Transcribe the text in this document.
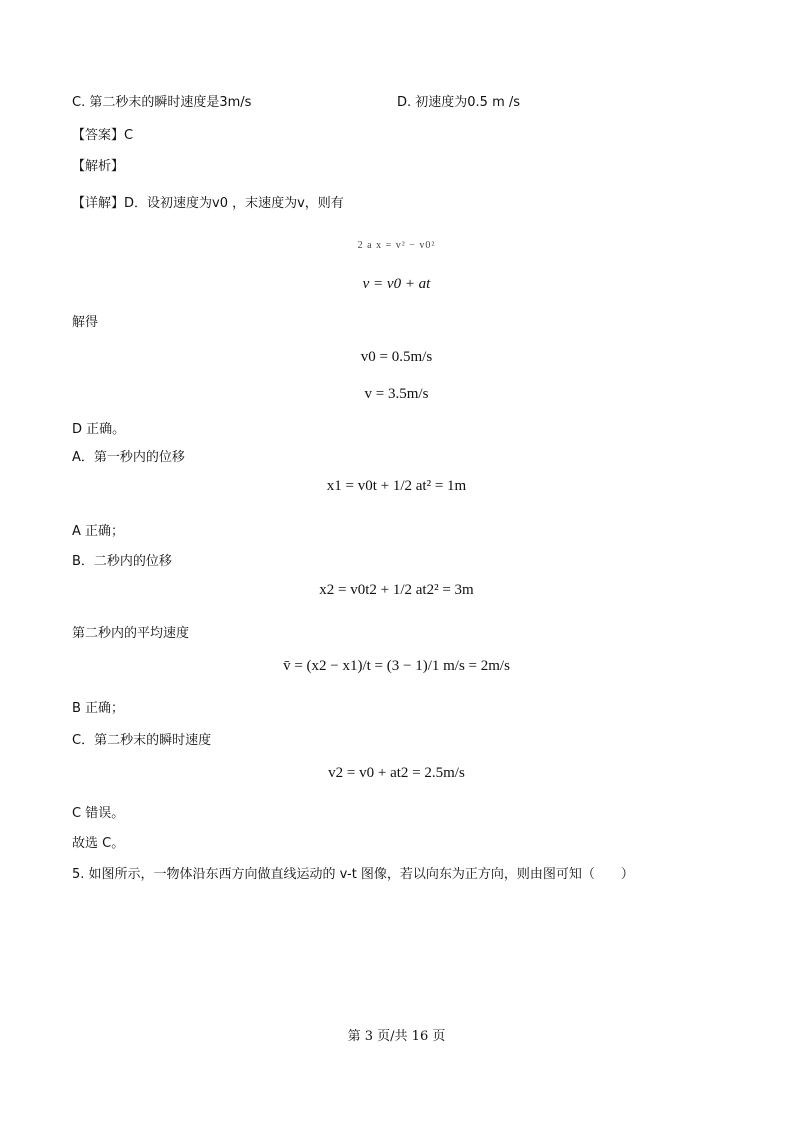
C. 第二秒末的瞬时速度是3m/s	D. 初速度为0.5 m /s
【答案】C
【解析】
【详解】D．设初速度为v0 ，末速度为v，则有
2 a x = v² − v0²
v = v0 + at
解得
v0 = 0.5m/s
v = 3.5m/s
D 正确。
A．第一秒内的位移
x1 = v0t + 1/2 at² = 1m
A 正确；
B．二秒内的位移
x2 = v0t2 + 1/2 at2² = 3m
第二秒内的平均速度
v̄ = (x2 − x1)/t = (3 − 1)/1 m/s = 2m/s
B 正确；
C．第二秒末的瞬时速度
v2 = v0 + at2 = 2.5m/s
C 错误。
故选 C。
5. 如图所示，一物体沿东西方向做直线运动的 v-t 图像，若以向东为正方向，则由图可知（　　）
第 3 页/共 16 页
